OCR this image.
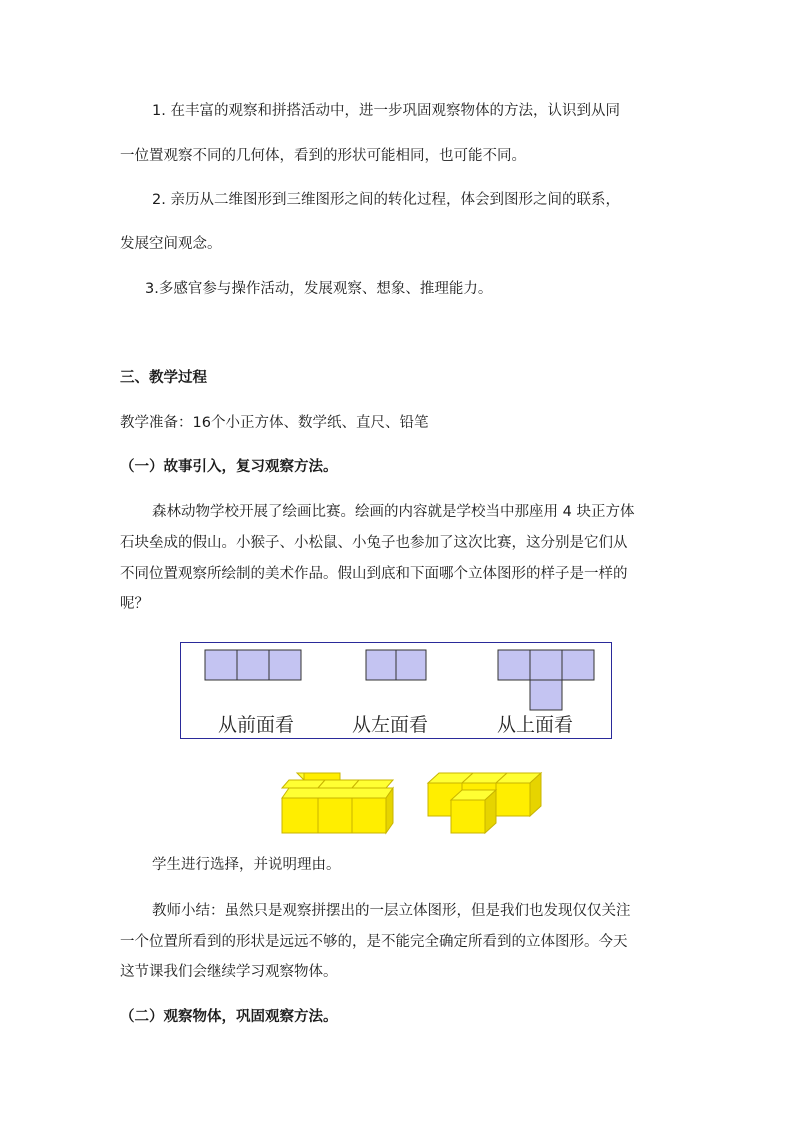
1. 在丰富的观察和拼搭活动中，进一步巩固观察物体的方法，认识到从同
一位置观察不同的几何体，看到的形状可能相同，也可能不同。
2. 亲历从二维图形到三维图形之间的转化过程，体会到图形之间的联系，
发展空间观念。
3.多感官参与操作活动，发展观察、想象、推理能力。
三、教学过程
教学准备：16个小正方体、数学纸、直尺、铅笔
（一）故事引入，复习观察方法。
森林动物学校开展了绘画比赛。绘画的内容就是学校当中那座用 4 块正方体
石块垒成的假山。小猴子、小松鼠、小兔子也参加了这次比赛，这分别是它们从
不同位置观察所绘制的美术作品。假山到底和下面哪个立体图形的样子是一样的
呢？
从前面看	从左面看	从上面看
学生进行选择，并说明理由。
教师小结：虽然只是观察拼摆出的一层立体图形，但是我们也发现仅仅关注
一个位置所看到的形状是远远不够的，是不能完全确定所看到的立体图形。今天
这节课我们会继续学习观察物体。
（二）观察物体，巩固观察方法。
